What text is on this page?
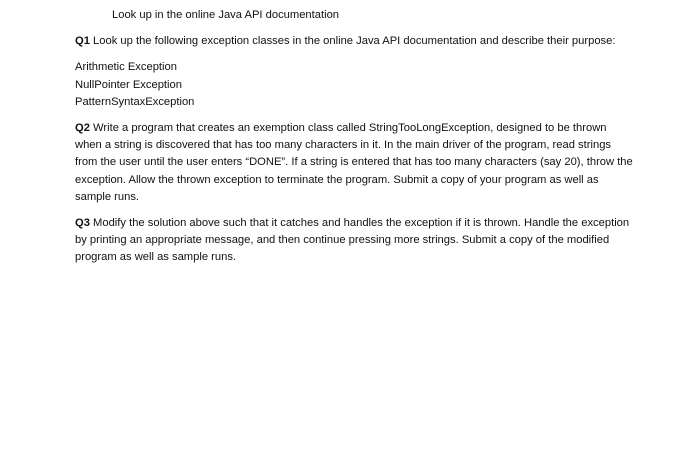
Look up in the online Java API documentation

Q1 Look up the following exception classes in the online Java API documentation and describe their purpose:

Arithmetic Exception
NullPointer Exception
PatternSyntaxException

Q2 Write a program that creates an exemption class called StringTooLongException, designed to be thrown when a string is discovered that has too many characters in it. In the main driver of the program, read strings from the user until the user enters “DONE”. If a string is entered that has too many characters (say 20), throw the exception. Allow the thrown exception to terminate the program. Submit a copy of your program as well as sample runs.

Q3 Modify the solution above such that it catches and handles the exception if it is thrown. Handle the exception by printing an appropriate message, and then continue pressing more strings. Submit a copy of the modified program as well as sample runs.
